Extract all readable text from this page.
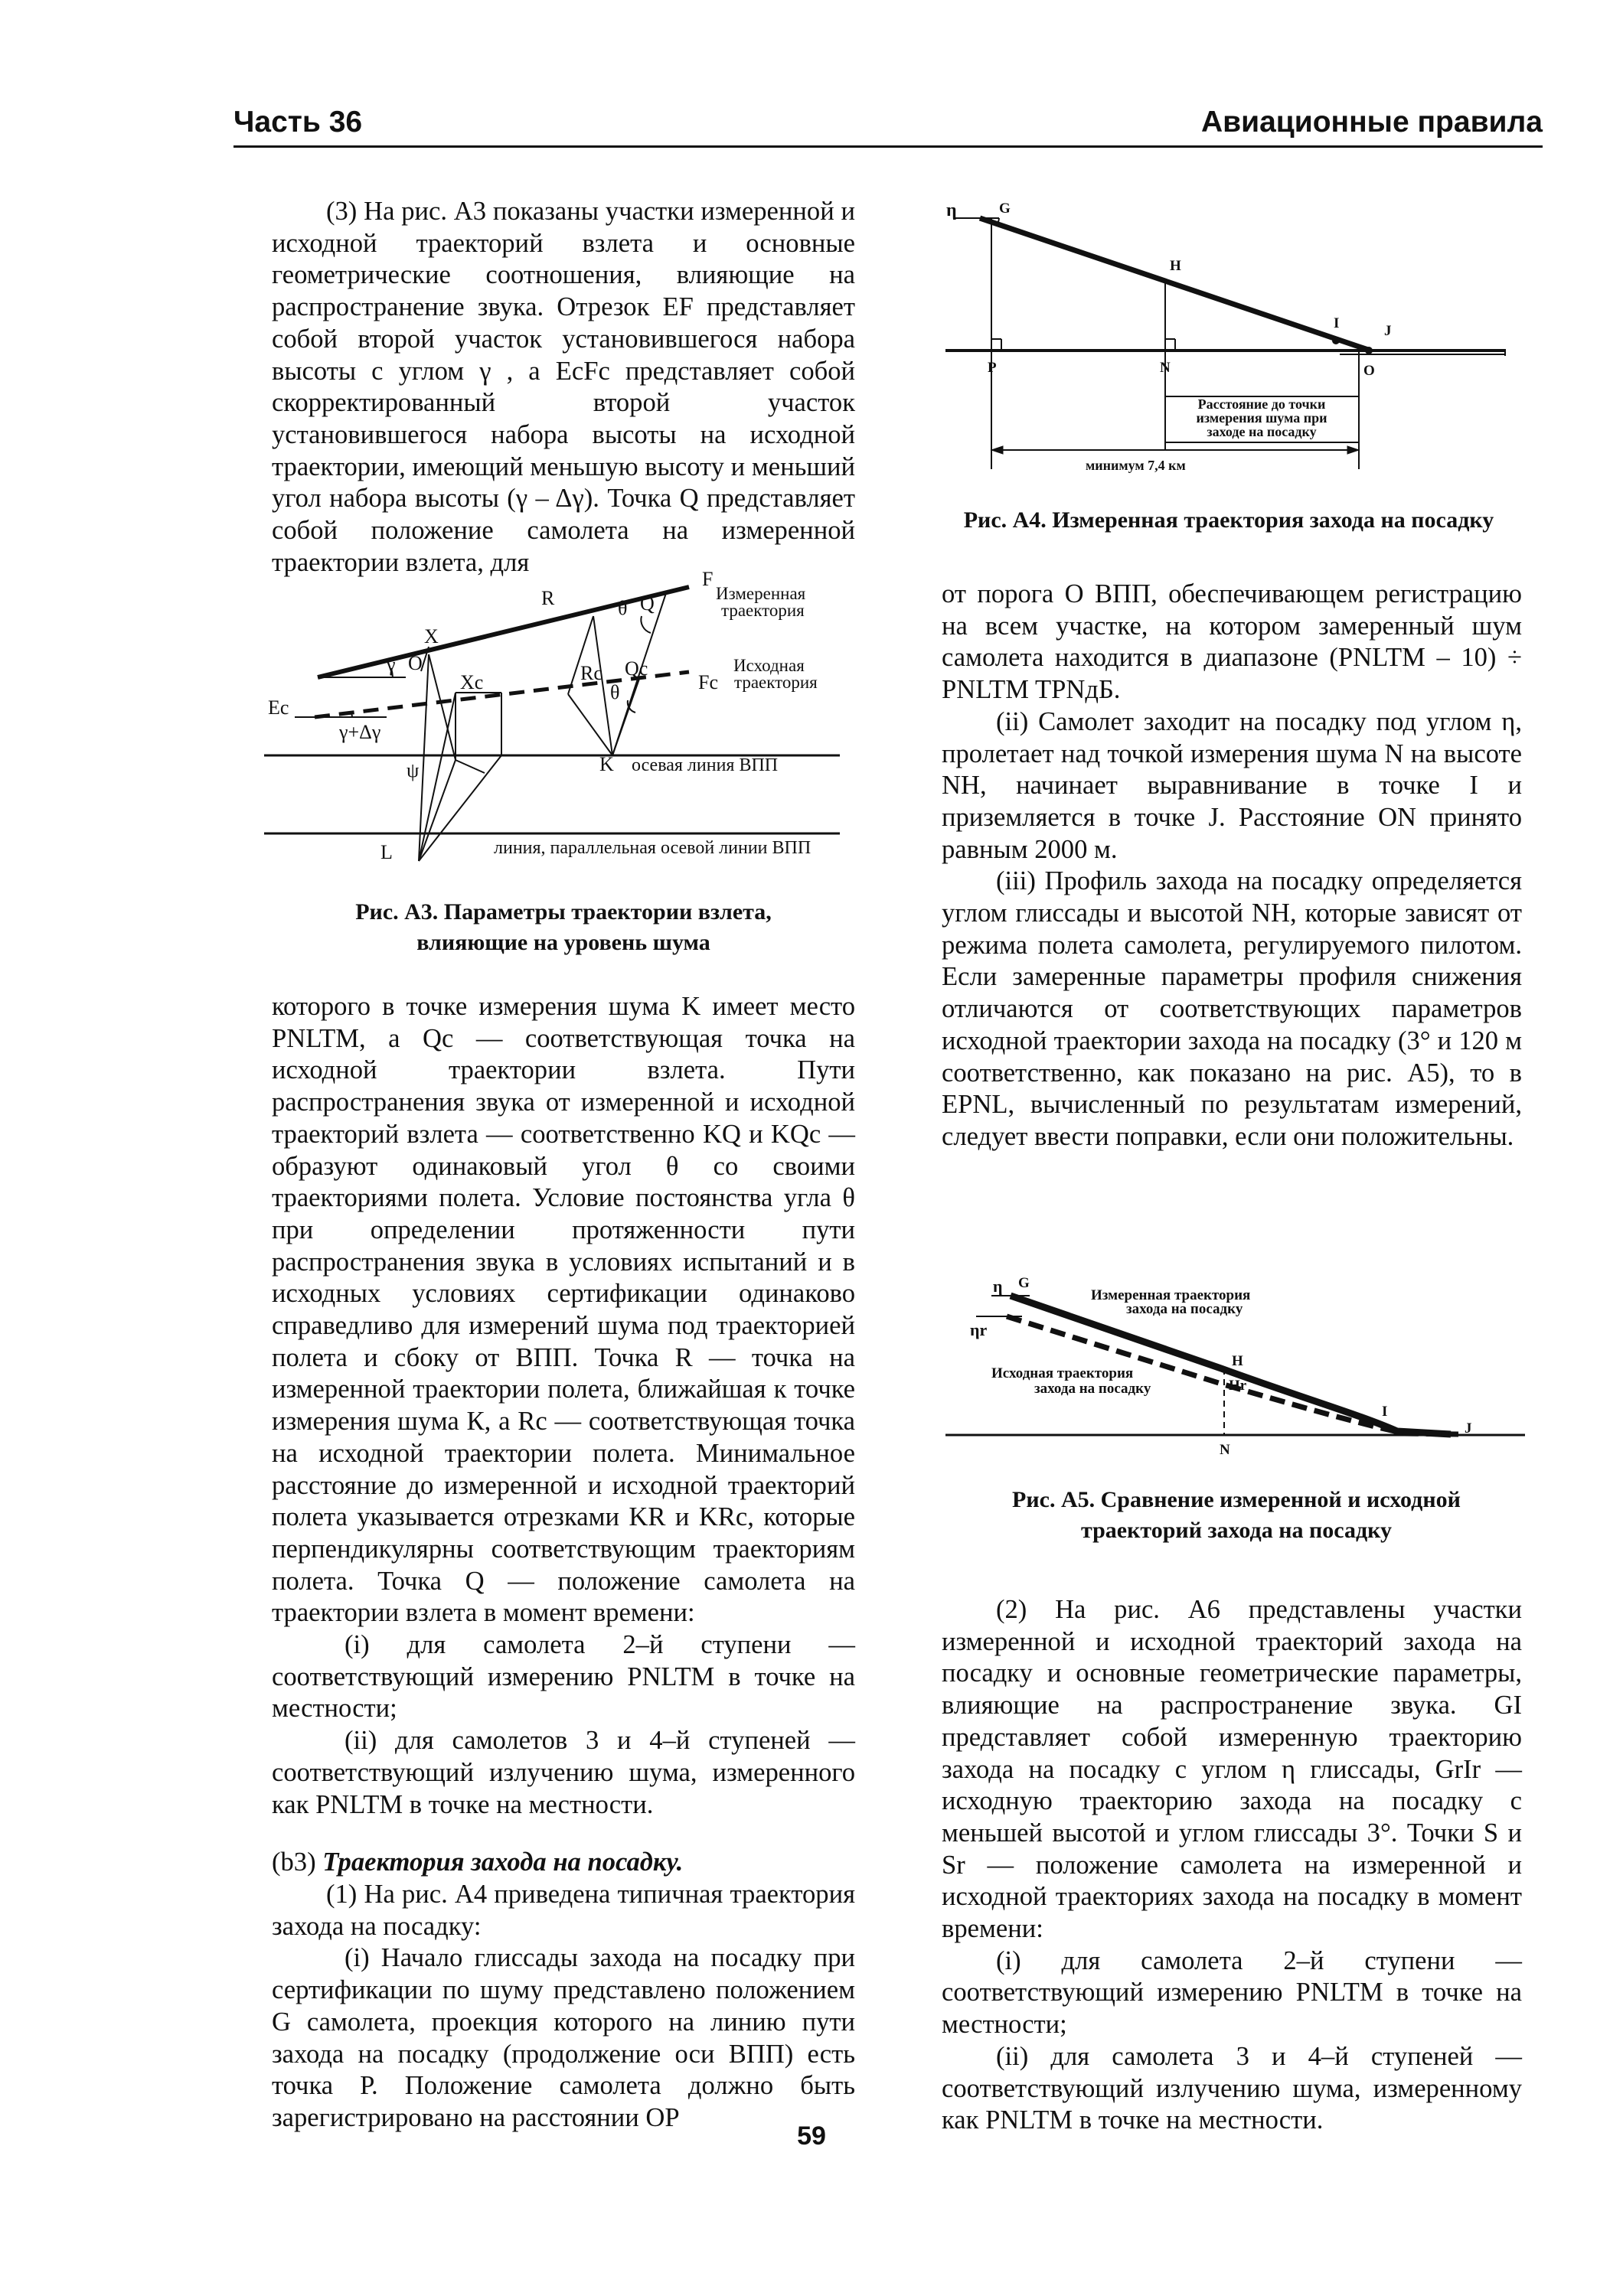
Часть 36	Авиационные правила

(3) На рис. А3 показаны участки измеренной и исходной траекторий взлета и основные геометрические соотношения, влияющие на распространение звука. Отрезок EF представляет собой второй участок установившегося набора высоты с углом γ , а EcFc представляет собой скорректированный второй участок установившегося набора высоты на исходной траектории, имеющий меньшую высоту и меньший угол набора высоты (γ – Δγ). Точка Q представляет собой положение самолета на измеренной траектории взлета, для

F
Измеренная
траектория
R	θ Q
X
γ O
Xc	Rc
θ
Qc
Fc
Исходная
траектория
Ec
γ+Δγ
ψ	K осевая линия ВПП
L	линия, параллельная осевой линии ВПП
Рис. А3. Параметры траектории взлета,
влияющие на уровень шума

которого в точке измерения шума K имеет место PNLTM, а Qc — соответствующая точка на исходной траектории взлета. Пути распространения звука от измеренной и исходной траекторий взлета — соответственно KQ и KQc — образуют одинаковый угол θ со своими траекториями полета. Условие постоянства угла θ при определении протяженности пути распространения звука в условиях испытаний и в исходных условиях сертификации одинаково справедливо для измерений шума под траекторией полета и сбоку от ВПП. Точка R — точка на измеренной траектории полета, ближайшая к точке измерения шума К, а Rc — соответствующая точка на исходной траектории полета. Минимальное расстояние до измеренной и исходной траекторий полета указывается отрезками KR и KRc, которые перпендикулярны соответствующим траекториям полета. Точка Q — положение самолета на траектории взлета в момент времени:

(i) для самолета 2–й ступени — соответствующий измерению PNLTM в точке на местности;

(ii) для самолетов 3 и 4–й ступеней — соответствующий излучению шума, измеренного как PNLTM в точке на местности.

(b3) Траектория захода на посадку.

(1) На рис. А4 приведена типичная траектория захода на посадку:

(i) Начало глиссады захода на посадку при сертификации по шуму представлено положением G самолета, проекция которого на линию пути захода на посадку (продолжение оси ВПП) есть точка Р. Положение самолета должно быть зарегистрировано на расстоянии OP

η	G
H
I	J
P	N	O
Расстояние до точки
измерения шума при
заходе на посадку
минимум 7,4 км
Рис. А4. Измеренная траектория захода на посадку

от порога О ВПП, обеспечивающем регистрацию на всем участке, на котором замеренный шум самолета находится в диапазоне (PNLTM – 10) ÷ PNLTM TPNдБ.

(ii) Самолет заходит на посадку под углом η, пролетает над точкой измерения шума N на высоте NH, начинает выравнивание в точке I и приземляется в точке J. Расстояние ON принято равным 2000 м.

(iii) Профиль захода на посадку определяется углом глиссады и высотой NH, которые зависят от режима полета самолета, регулируемого пилотом. Если замеренные параметры профиля снижения отличаются от соответствующих параметров исходной траектории захода на посадку (3° и 120 м соответственно, как показано на рис. А5), то в EPNL, вычисленный по результатам измерений, следует ввести поправки, если они положительны.

η
ηr
G
Измеренная траектория
захода на посадку
H
Hr
Исходная траектория
захода на посадку
I
J
N
Рис. А5. Сравнение измеренной и исходной
траекторий захода на посадку

(2) На рис. А6 представлены участки измеренной и исходной траекторий захода на посадку и основные геометрические параметры, влияющие на распространение звука. GI представляет собой измеренную траекторию захода на посадку с углом η глиссады, GrIr — исходную траекторию захода на посадку с меньшей высотой и углом глиссады 3°. Точки S и Sr — положение самолета на измеренной и исходной траекториях захода на посадку в момент времени:

(i) для самолета 2–й ступени — соответствующий измерению PNLTM в точке на местности;

(ii) для самолета 3 и 4–й ступеней — соответствующий излучению шума, измеренному как PNLTM в точке на местности.

59
